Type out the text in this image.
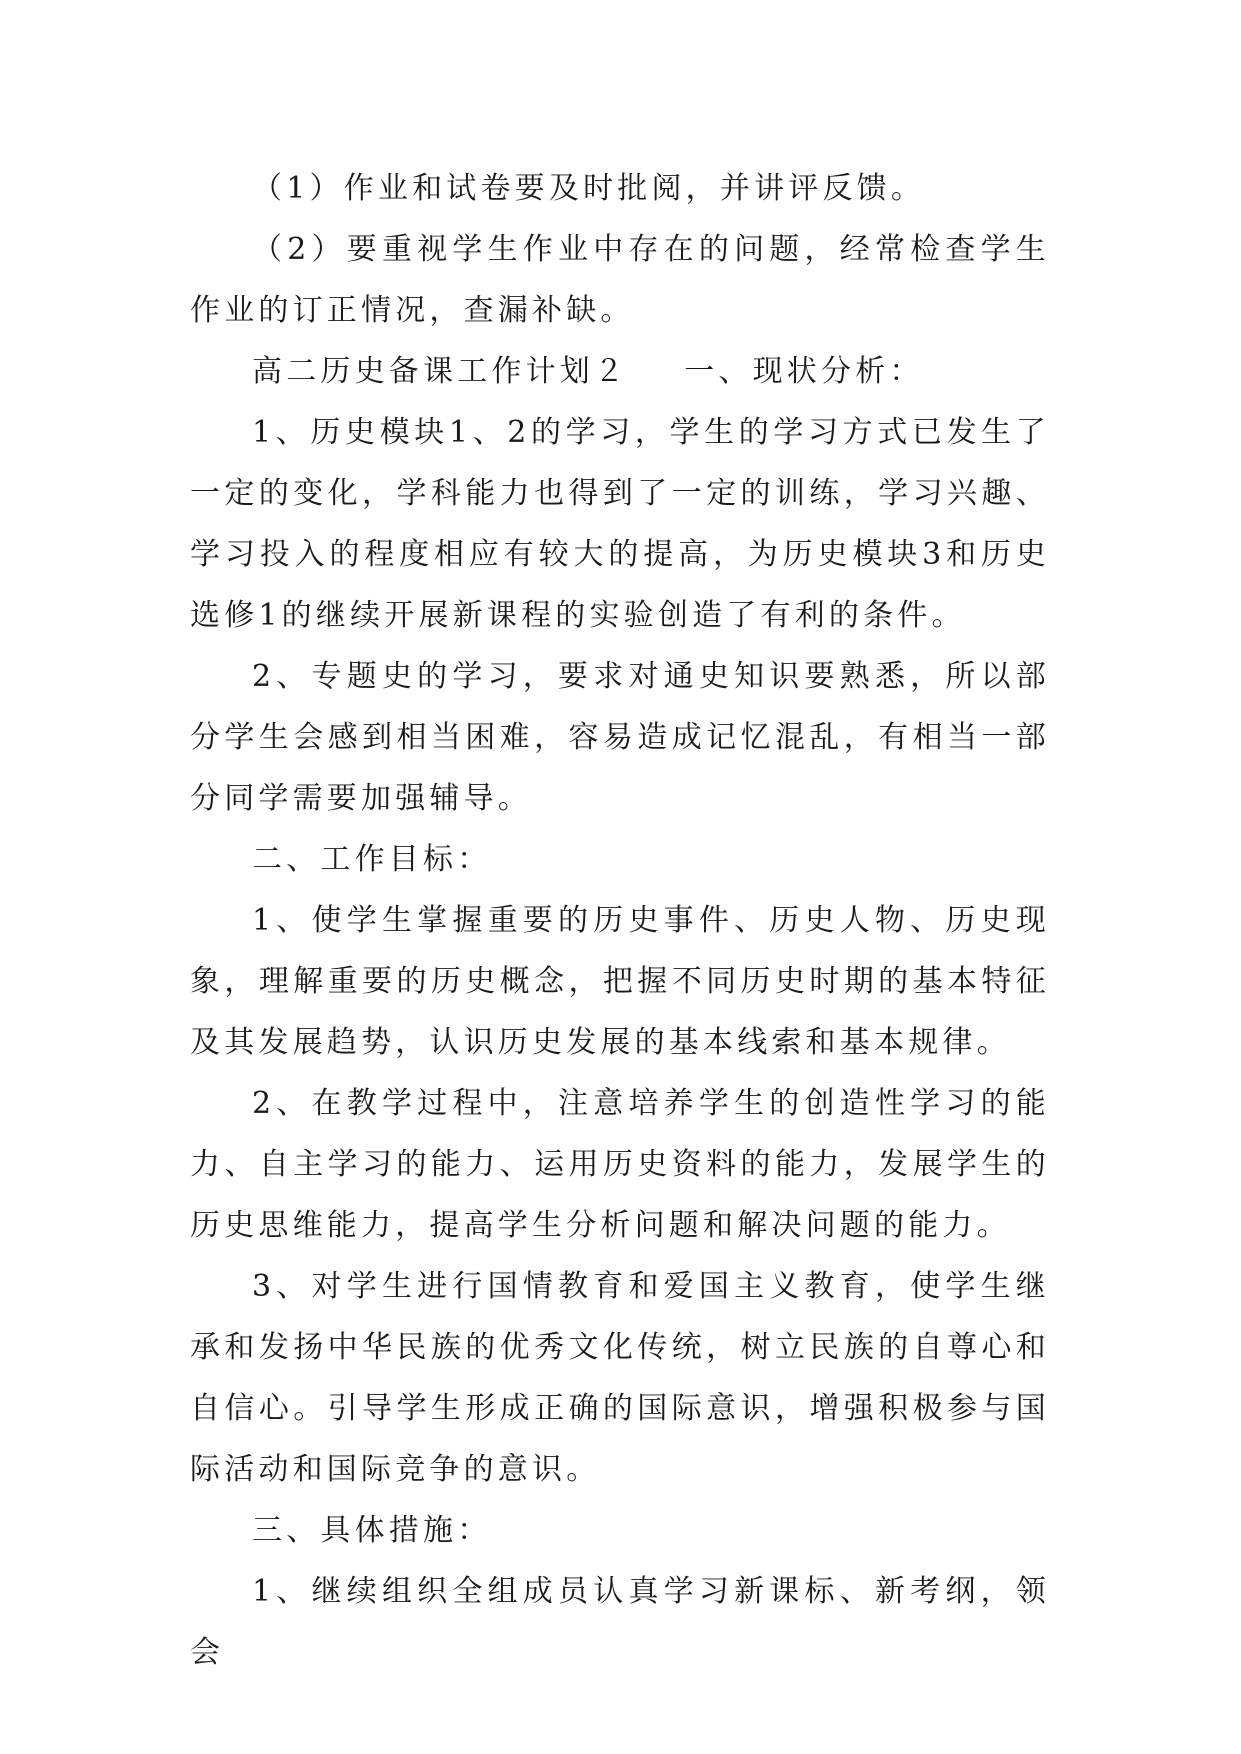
（1）作业和试卷要及时批阅，并讲评反馈。

（2）要重视学生作业中存在的问题，经常检查学生作业的订正情况，查漏补缺。

高二历史备课工作计划２ 一、现状分析：

1、历史模块1、2的学习，学生的学习方式已发生了一定的变化，学科能力也得到了一定的训练，学习兴趣、学习投入的程度相应有较大的提高，为历史模块3和历史选修1的继续开展新课程的实验创造了有利的条件。

2、专题史的学习，要求对通史知识要熟悉，所以部分学生会感到相当困难，容易造成记忆混乱，有相当一部分同学需要加强辅导。

二、工作目标：

1、使学生掌握重要的历史事件、历史人物、历史现象，理解重要的历史概念，把握不同历史时期的基本特征及其发展趋势，认识历史发展的基本线索和基本规律。

2、在教学过程中，注意培养学生的创造性学习的能力、自主学习的能力、运用历史资料的能力，发展学生的历史思维能力，提高学生分析问题和解决问题的能力。

3、对学生进行国情教育和爱国主义教育，使学生继承和发扬中华民族的优秀文化传统，树立民族的自尊心和自信心。引导学生形成正确的国际意识，增强积极参与国际活动和国际竞争的意识。

三、具体措施：

1、继续组织全组成员认真学习新课标、新考纲，领会
